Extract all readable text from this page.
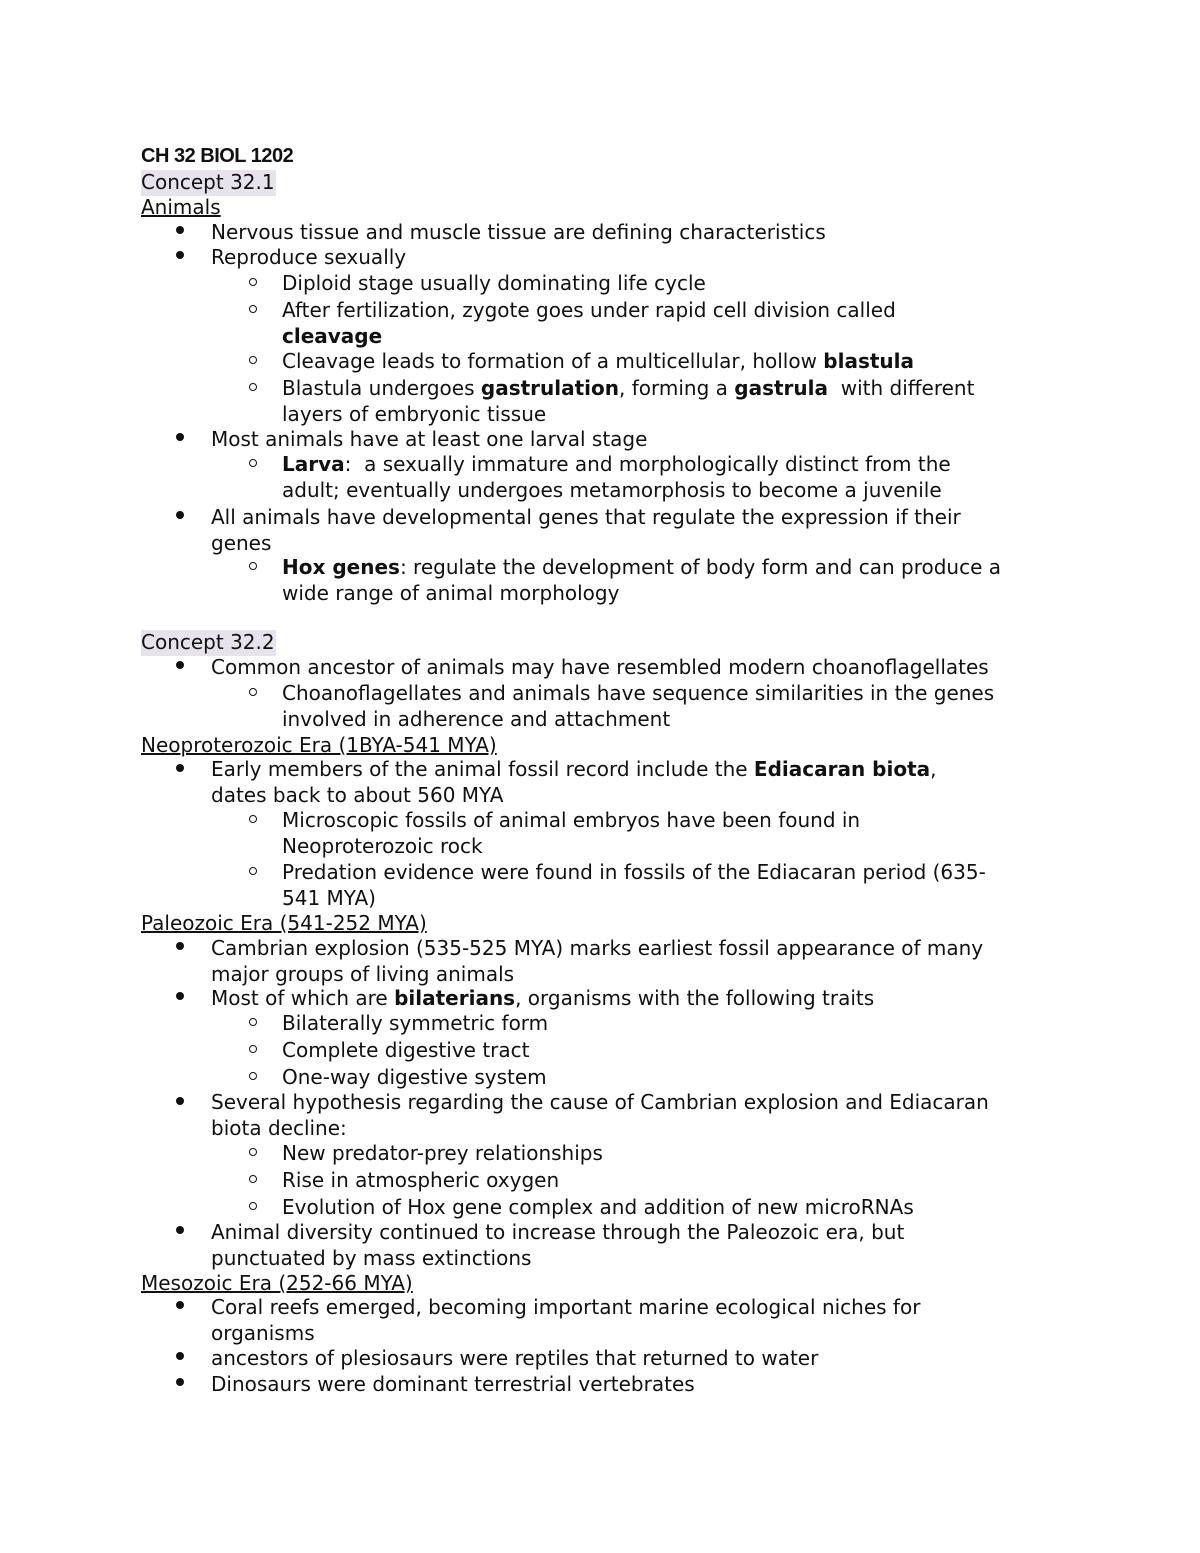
CH 32 BIOL 1202
Concept 32.1
Animals
Nervous tissue and muscle tissue are defining characteristics
Reproduce sexually
Diploid stage usually dominating life cycle
After fertilization, zygote goes under rapid cell division called
cleavage
Cleavage leads to formation of a multicellular, hollow blastula
Blastula undergoes gastrulation, forming a gastrula  with different
layers of embryonic tissue
Most animals have at least one larval stage
Larva:  a sexually immature and morphologically distinct from the
adult; eventually undergoes metamorphosis to become a juvenile
All animals have developmental genes that regulate the expression if their
genes
Hox genes: regulate the development of body form and can produce a
wide range of animal morphology
Concept 32.2
Common ancestor of animals may have resembled modern choanoflagellates
Choanoflagellates and animals have sequence similarities in the genes
involved in adherence and attachment
Neoproterozoic Era (1BYA-541 MYA)
Early members of the animal fossil record include the Ediacaran biota,
dates back to about 560 MYA
Microscopic fossils of animal embryos have been found in
Neoproterozoic rock
Predation evidence were found in fossils of the Ediacaran period (635-
541 MYA)
Paleozoic Era (541-252 MYA)
Cambrian explosion (535-525 MYA) marks earliest fossil appearance of many
major groups of living animals
Most of which are bilaterians, organisms with the following traits
Bilaterally symmetric form
Complete digestive tract
One-way digestive system
Several hypothesis regarding the cause of Cambrian explosion and Ediacaran
biota decline:
New predator-prey relationships
Rise in atmospheric oxygen
Evolution of Hox gene complex and addition of new microRNAs
Animal diversity continued to increase through the Paleozoic era, but
punctuated by mass extinctions
Mesozoic Era (252-66 MYA)
Coral reefs emerged, becoming important marine ecological niches for
organisms
ancestors of plesiosaurs were reptiles that returned to water
Dinosaurs were dominant terrestrial vertebrates
